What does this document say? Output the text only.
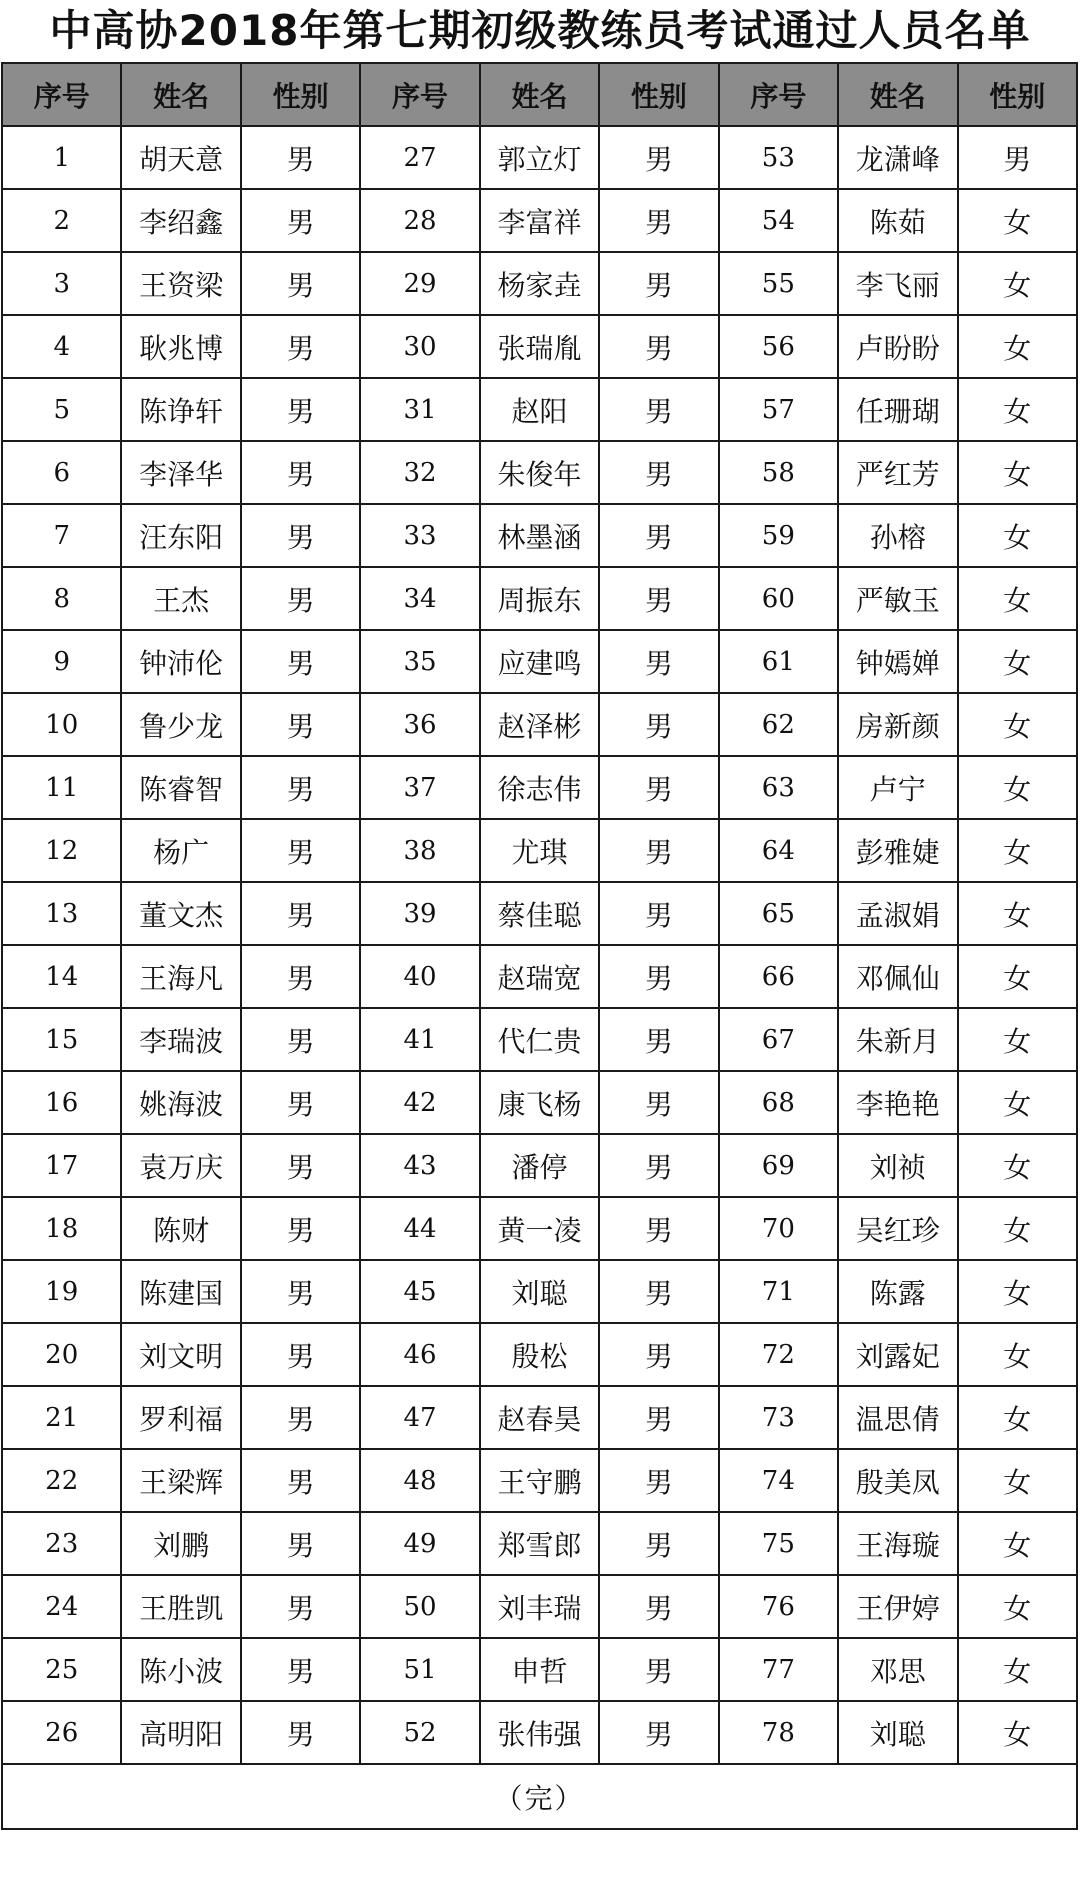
中高协2018年第七期初级教练员考试通过人员名单
序号	姓名	性别	序号	姓名	性别	序号	姓名	性别
1	胡天意	男	27	郭立灯	男	53	龙潇峰	男
2	李绍鑫	男	28	李富祥	男	54	陈茹	女
3	王资梁	男	29	杨家垚	男	55	李飞丽	女
4	耿兆博	男	30	张瑞胤	男	56	卢盼盼	女
5	陈诤轩	男	31	赵阳	男	57	任珊瑚	女
6	李泽华	男	32	朱俊年	男	58	严红芳	女
7	汪东阳	男	33	林墨涵	男	59	孙榕	女
8	王杰	男	34	周振东	男	60	严敏玉	女
9	钟沛伦	男	35	应建鸣	男	61	钟嫣婵	女
10	鲁少龙	男	36	赵泽彬	男	62	房新颜	女
11	陈睿智	男	37	徐志伟	男	63	卢宁	女
12	杨广	男	38	尤琪	男	64	彭雅婕	女
13	董文杰	男	39	蔡佳聪	男	65	孟淑娟	女
14	王海凡	男	40	赵瑞宽	男	66	邓佩仙	女
15	李瑞波	男	41	代仁贵	男	67	朱新月	女
16	姚海波	男	42	康飞杨	男	68	李艳艳	女
17	袁万庆	男	43	潘停	男	69	刘祯	女
18	陈财	男	44	黄一凌	男	70	吴红珍	女
19	陈建国	男	45	刘聪	男	71	陈露	女
20	刘文明	男	46	殷松	男	72	刘露妃	女
21	罗利福	男	47	赵春昊	男	73	温思倩	女
22	王梁辉	男	48	王守鹏	男	74	殷美凤	女
23	刘鹏	男	49	郑雪郎	男	75	王海璇	女
24	王胜凯	男	50	刘丰瑞	男	76	王伊婷	女
25	陈小波	男	51	申哲	男	77	邓思	女
26	高明阳	男	52	张伟强	男	78	刘聪	女
（完）								
